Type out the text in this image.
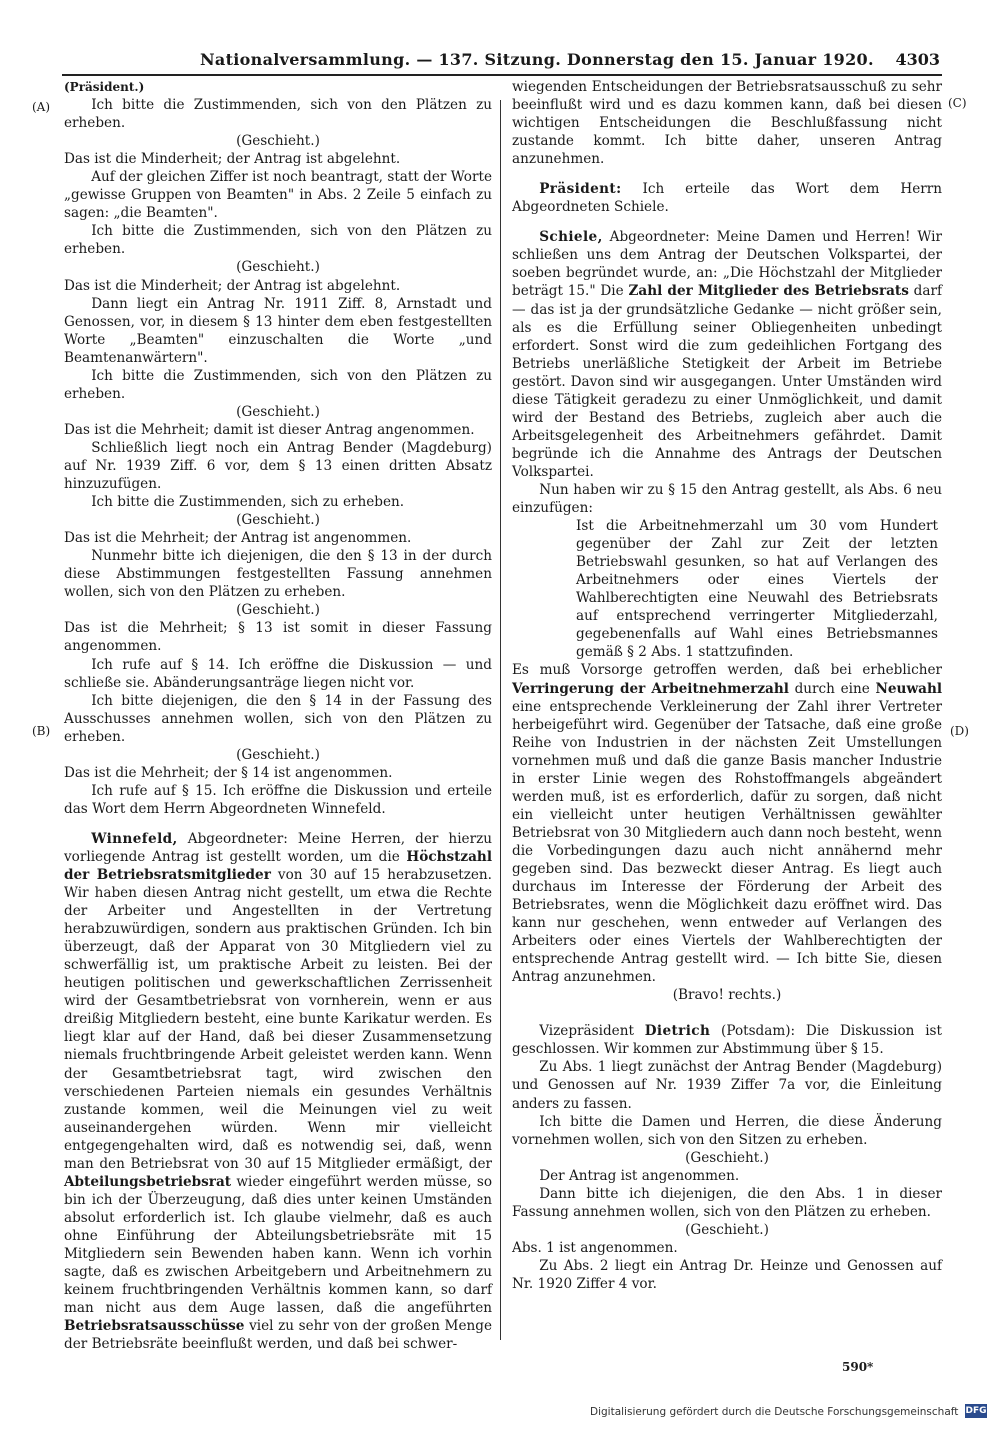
Nationalversammlung. — 137. Sitzung. Donnerstag den 15. Januar 1920. 4303
(A)
(B)
(C)
(D)

(Präsident.)

Ich bitte die Zustimmenden, sich von den Plätzen zu erheben.

(Geschieht.)

Das ist die Minderheit; der Antrag ist abgelehnt.

Auf der gleichen Ziffer ist noch beantragt, statt der Worte „gewisse Gruppen von Beamten" in Abs. 2 Zeile 5 einfach zu sagen: „die Beamten".

Ich bitte die Zustimmenden, sich von den Plätzen zu erheben.

(Geschieht.)

Das ist die Minderheit; der Antrag ist abgelehnt.

Dann liegt ein Antrag Nr. 1911 Ziff. 8, Arnstadt und Genossen, vor, in diesem § 13 hinter dem eben festgestellten Worte „Beamten" einzuschalten die Worte „und Beamtenanwärtern".

Ich bitte die Zustimmenden, sich von den Plätzen zu erheben.

(Geschieht.)

Das ist die Mehrheit; damit ist dieser Antrag angenommen.

Schließlich liegt noch ein Antrag Bender (Magdeburg) auf Nr. 1939 Ziff. 6 vor, dem § 13 einen dritten Absatz hinzuzufügen.

Ich bitte die Zustimmenden, sich zu erheben.

(Geschieht.)

Das ist die Mehrheit; der Antrag ist angenommen.

Nunmehr bitte ich diejenigen, die den § 13 in der durch diese Abstimmungen festgestellten Fassung annehmen wollen, sich von den Plätzen zu erheben.

(Geschieht.)

Das ist die Mehrheit; § 13 ist somit in dieser Fassung angenommen.

Ich rufe auf § 14. Ich eröffne die Diskussion — und schließe sie. Abänderungsanträge liegen nicht vor.

Ich bitte diejenigen, die den § 14 in der Fassung des Ausschusses annehmen wollen, sich von den Plätzen zu erheben.

(Geschieht.)

Das ist die Mehrheit; der § 14 ist angenommen.

Ich rufe auf § 15. Ich eröffne die Diskussion und erteile das Wort dem Herrn Abgeordneten Winnefeld.

Winnefeld, Abgeordneter: Meine Herren, der hierzu vorliegende Antrag ist gestellt worden, um die Höchstzahl der Betriebsratsmitglieder von 30 auf 15 herabzusetzen. Wir haben diesen Antrag nicht gestellt, um etwa die Rechte der Arbeiter und Angestellten in der Vertretung herabzuwürdigen, sondern aus praktischen Gründen. Ich bin überzeugt, daß der Apparat von 30 Mitgliedern viel zu schwerfällig ist, um praktische Arbeit zu leisten. Bei der heutigen politischen und gewerkschaftlichen Zerrissenheit wird der Gesamtbetriebsrat von vornherein, wenn er aus dreißig Mitgliedern besteht, eine bunte Karikatur werden. Es liegt klar auf der Hand, daß bei dieser Zusammensetzung niemals fruchtbringende Arbeit geleistet werden kann. Wenn der Gesamtbetriebsrat tagt, wird zwischen den verschiedenen Parteien niemals ein gesundes Verhältnis zustande kommen, weil die Meinungen viel zu weit auseinandergehen würden. Wenn mir vielleicht entgegengehalten wird, daß es notwendig sei, daß, wenn man den Betriebsrat von 30 auf 15 Mitglieder ermäßigt, der Abteilungsbetriebsrat wieder eingeführt werden müsse, so bin ich der Überzeugung, daß dies unter keinen Umständen absolut erforderlich ist. Ich glaube vielmehr, daß es auch ohne Einführung der Abteilungsbetriebsräte mit 15 Mitgliedern sein Bewenden haben kann. Wenn ich vorhin sagte, daß es zwischen Arbeitgebern und Arbeitnehmern zu keinem fruchtbringenden Verhältnis kommen kann, so darf man nicht aus dem Auge lassen, daß die angeführten Betriebsratsausschüsse viel zu sehr von der großen Menge der Betriebsräte beeinflußt werden, und daß bei schwer-

wiegenden Entscheidungen der Betriebsratsausschuß zu sehr beeinflußt wird und es dazu kommen kann, daß bei diesen wichtigen Entscheidungen die Beschlußfassung nicht zustande kommt. Ich bitte daher, unseren Antrag anzunehmen.

Präsident: Ich erteile das Wort dem Herrn Abgeordneten Schiele.

Schiele, Abgeordneter: Meine Damen und Herren! Wir schließen uns dem Antrag der Deutschen Volkspartei, der soeben begründet wurde, an: „Die Höchstzahl der Mitglieder beträgt 15." Die Zahl der Mitglieder des Betriebsrats darf — das ist ja der grundsätzliche Gedanke — nicht größer sein, als es die Erfüllung seiner Obliegenheiten unbedingt erfordert. Sonst wird die zum gedeihlichen Fortgang des Betriebs unerläßliche Stetigkeit der Arbeit im Betriebe gestört. Davon sind wir ausgegangen. Unter Umständen wird diese Tätigkeit geradezu zu einer Unmöglichkeit, und damit wird der Bestand des Betriebs, zugleich aber auch die Arbeitsgelegenheit des Arbeitnehmers gefährdet. Damit begründe ich die Annahme des Antrags der Deutschen Volkspartei.

Nun haben wir zu § 15 den Antrag gestellt, als Abs. 6 neu einzufügen:

Ist die Arbeitnehmerzahl um 30 vom Hundert gegenüber der Zahl zur Zeit der letzten Betriebswahl gesunken, so hat auf Verlangen des Arbeitnehmers oder eines Viertels der Wahlberechtigten eine Neuwahl des Betriebsrats auf entsprechend verringerter Mitgliederzahl, gegebenenfalls auf Wahl eines Betriebsmannes gemäß § 2 Abs. 1 stattzufinden.

Es muß Vorsorge getroffen werden, daß bei erheblicher Verringerung der Arbeitnehmerzahl durch eine Neuwahl eine entsprechende Verkleinerung der Zahl ihrer Vertreter herbeigeführt wird. Gegenüber der Tatsache, daß eine große Reihe von Industrien in der nächsten Zeit Umstellungen vornehmen muß und daß die ganze Basis mancher Industrie in erster Linie wegen des Rohstoffmangels abgeändert werden muß, ist es erforderlich, dafür zu sorgen, daß nicht ein vielleicht unter heutigen Verhältnissen gewählter Betriebsrat von 30 Mitgliedern auch dann noch besteht, wenn die Vorbedingungen dazu auch nicht annähernd mehr gegeben sind. Das bezweckt dieser Antrag. Es liegt auch durchaus im Interesse der Förderung der Arbeit des Betriebsrates, wenn die Möglichkeit dazu eröffnet wird. Das kann nur geschehen, wenn entweder auf Verlangen des Arbeiters oder eines Viertels der Wahlberechtigten der entsprechende Antrag gestellt wird. — Ich bitte Sie, diesen Antrag anzunehmen.

(Bravo! rechts.)

Vizepräsident Dietrich (Potsdam): Die Diskussion ist geschlossen. Wir kommen zur Abstimmung über § 15.

Zu Abs. 1 liegt zunächst der Antrag Bender (Magdeburg) und Genossen auf Nr. 1939 Ziffer 7a vor, die Einleitung anders zu fassen.

Ich bitte die Damen und Herren, die diese Änderung vornehmen wollen, sich von den Sitzen zu erheben.

(Geschieht.)

Der Antrag ist angenommen.

Dann bitte ich diejenigen, die den Abs. 1 in dieser Fassung annehmen wollen, sich von den Plätzen zu erheben.

(Geschieht.)

Abs. 1 ist angenommen.

Zu Abs. 2 liegt ein Antrag Dr. Heinze und Genossen auf Nr. 1920 Ziffer 4 vor.

590*
Digitalisierung gefördert durch die Deutsche Forschungsgemeinschaft DFG
